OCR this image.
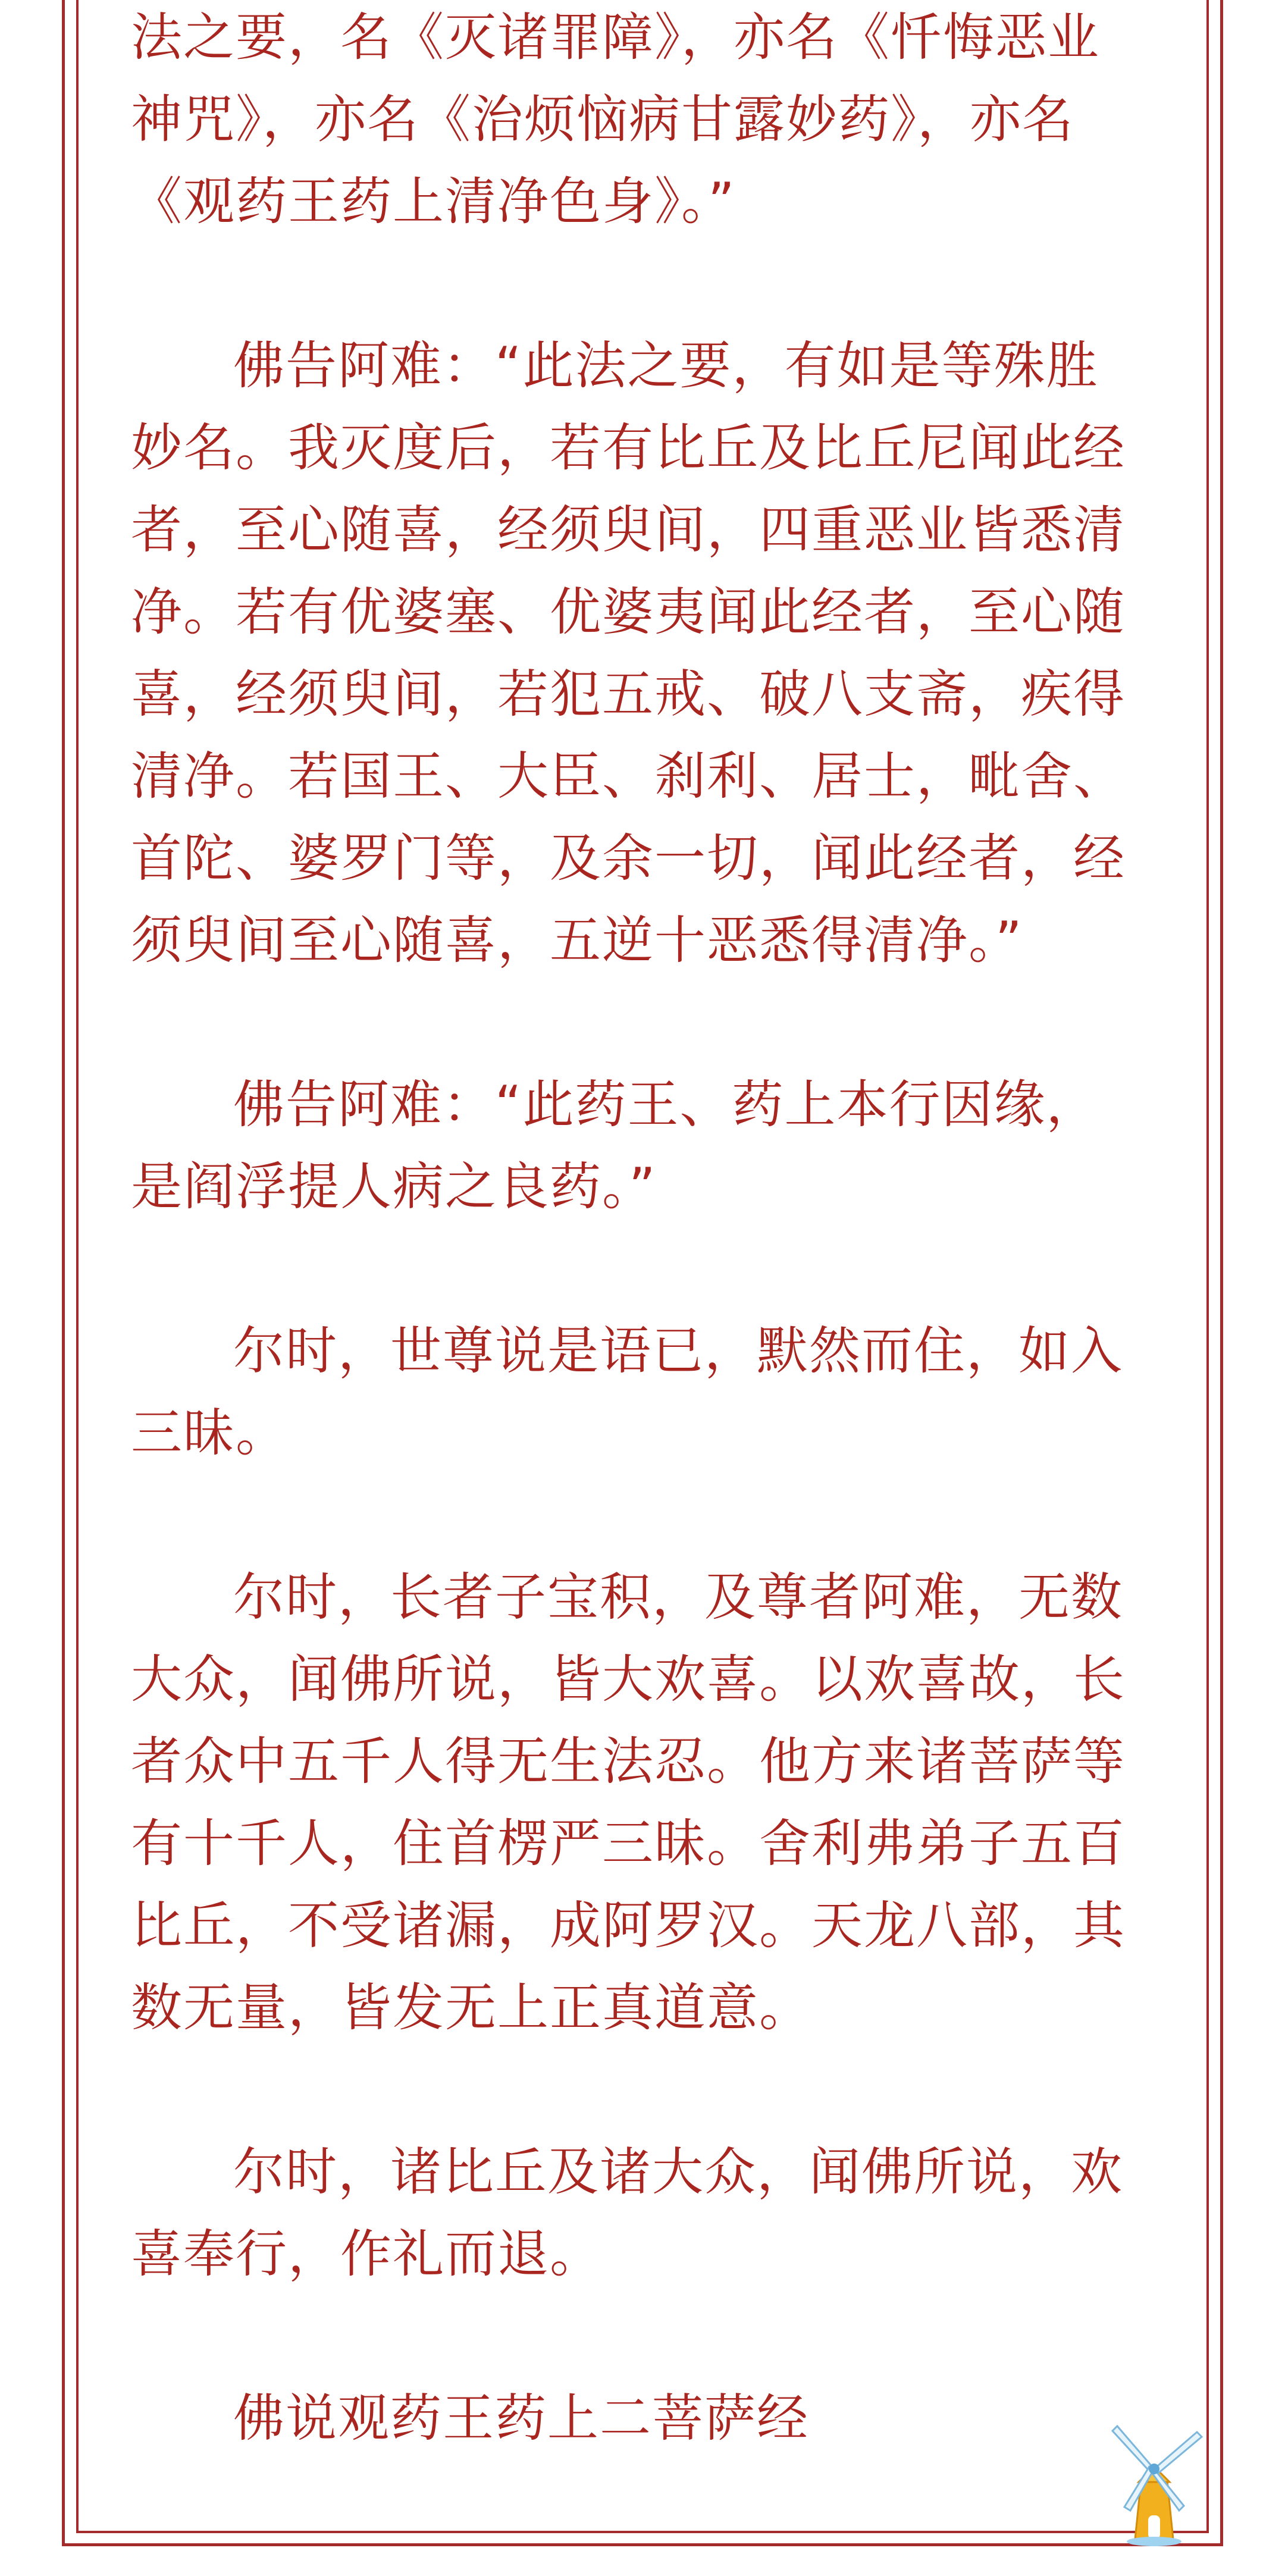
法之要，名《灭诸罪障》，亦名《忏悔恶业神咒》，亦名《治烦恼病甘露妙药》，亦名《观药王药上清净色身》。”

佛告阿难：“此法之要，有如是等殊胜妙名。我灭度后，若有比丘及比丘尼闻此经者，至心随喜，经须臾间，四重恶业皆悉清净。若有优婆塞、优婆夷闻此经者，至心随喜，经须臾间，若犯五戒、破八支斋，疾得清净。若国王、大臣、刹利、居士，毗舍、首陀、婆罗门等，及余一切，闻此经者，经须臾间至心随喜，五逆十恶悉得清净。”

佛告阿难：“此药王、药上本行因缘，是阎浮提人病之良药。”

尔时，世尊说是语已，默然而住，如入三昧。

尔时，长者子宝积，及尊者阿难，无数大众，闻佛所说，皆大欢喜。以欢喜故，长者众中五千人得无生法忍。他方来诸菩萨等有十千人，住首楞严三昧。舍利弗弟子五百比丘，不受诸漏，成阿罗汉。天龙八部，其数无量，皆发无上正真道意。

尔时，诸比丘及诸大众，闻佛所说，欢喜奉行，作礼而退。

佛说观药王药上二菩萨经
